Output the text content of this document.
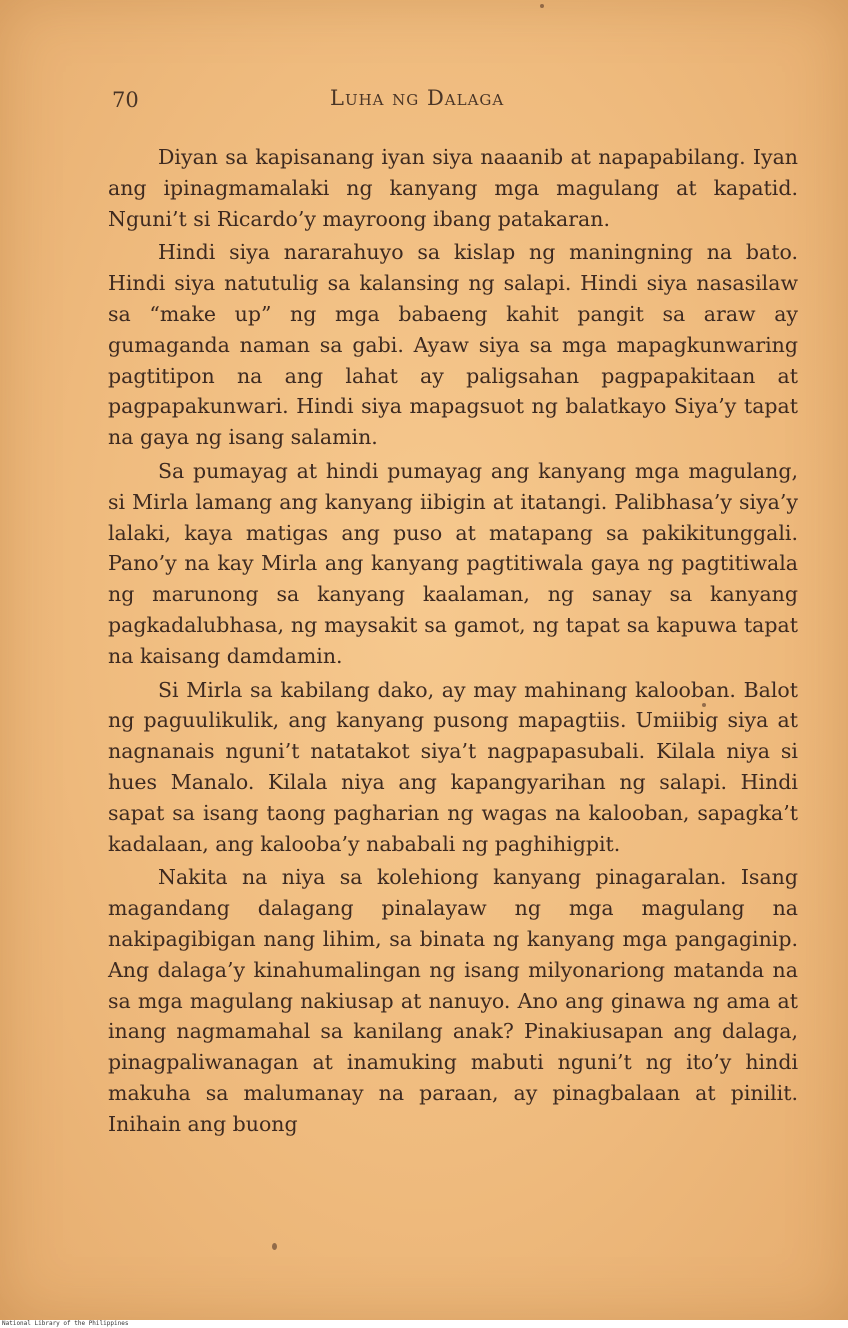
70	Luha ng Dalaga

Diyan sa kapisanang iyan siya naaanib at napapabilang. Iyan ang ipinagmamalaki ng kanyang mga magulang at kapatid. Nguni’t si Ricardo’y mayroong ibang patakaran.

Hindi siya nararahuyo sa kislap ng maningning na bato. Hindi siya natutulig sa kalansing ng salapi. Hindi siya nasasilaw sa “make up” ng mga babaeng kahit pangit sa araw ay gumaganda naman sa gabi. Ayaw siya sa mga mapagkunwaring pagtitipon na ang lahat ay paligsahan pagpapakitaan at pagpapakunwari. Hindi siya mapagsuot ng balatkayo Siya’y tapat na gaya ng isang salamin.

Sa pumayag at hindi pumayag ang kanyang mga magulang, si Mirla lamang ang kanyang iibigin at itatangi. Palibhasa’y siya’y lalaki, kaya matigas ang puso at matapang sa pakikitunggali. Pano’y na kay Mirla ang kanyang pagtitiwala gaya ng pagtitiwala ng marunong sa kanyang kaalaman, ng sanay sa kanyang pagkadalubhasa, ng maysakit sa gamot, ng tapat sa kapuwa tapat na kaisang damdamin.

Si Mirla sa kabilang dako, ay may mahinang kalooban. Balot ng paguulikulik, ang kanyang pusong mapagtiis. Umiibig siya at nagnanais nguni’t natatakot siya’t nagpapasubali. Kilala niya si hues Manalo. Kilala niya ang kapangyarihan ng salapi. Hindi sapat sa isang taong pagharian ng wagas na kalooban, sapagka’t kadalaan, ang kalooba’y nababali ng paghihigpit.

Nakita na niya sa kolehiong kanyang pinagaralan. Isang magandang dalagang pinalayaw ng mga magulang na nakipagibigan nang lihim, sa binata ng kanyang mga pangaginip. Ang dalaga’y kinahumalingan ng isang milyonariong matanda na sa mga magulang nakiusap at nanuyo. Ano ang ginawa ng ama at inang nagmamahal sa kanilang anak? Pinakiusapan ang dalaga, pinagpaliwanagan at inamuking mabuti nguni’t ng ito’y hindi makuha sa malumanay na paraan, ay pinagbalaan at pinilit. Inihain ang buong

National Library of the Philippines
